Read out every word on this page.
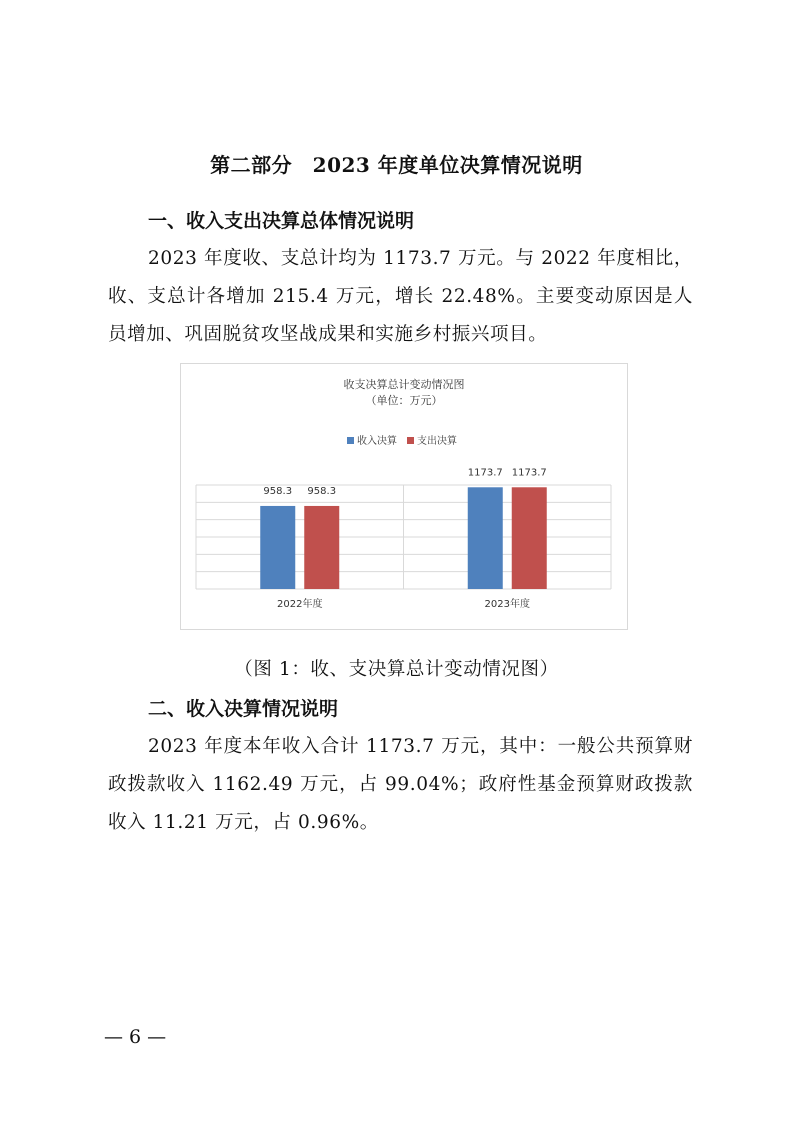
第二部分　2023 年度单位决算情况说明
一、收入支出决算总体情况说明
2023 年度收、支总计均为 1173.7 万元。与 2022 年度相比，收、支总计各增加 215.4 万元，增长 22.48%。主要变动原因是人员增加、巩固脱贫攻坚战成果和实施乡村振兴项目。
收支决算总计变动情况图
（单位：万元）
收入决算 支出决算
958.3 958.3
1173.7 1173.7
2022年度	2023年度
（图 1：收、支决算总计变动情况图）
二、收入决算情况说明
2023 年度本年收入合计 1173.7 万元，其中：一般公共预算财政拨款收入 1162.49 万元，占 99.04%；政府性基金预算财政拨款收入 11.21 万元，占 0.96%。
— 6 —
